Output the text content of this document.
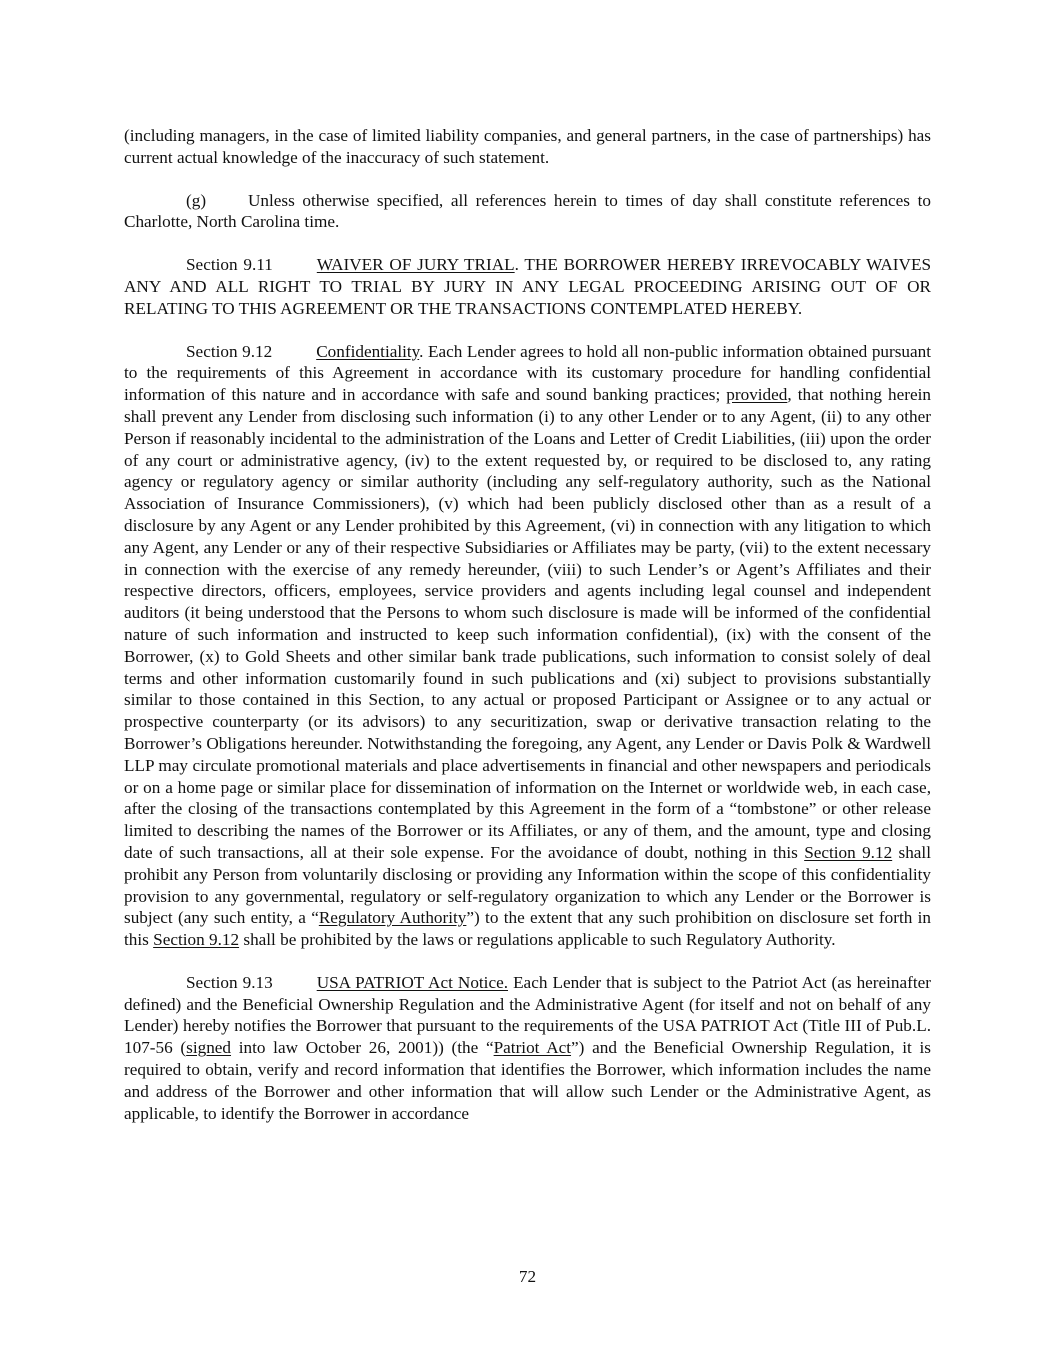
(including managers, in the case of limited liability companies, and general partners, in the case of partnerships) has current actual knowledge of the inaccuracy of such statement.

(g) Unless otherwise specified, all references herein to times of day shall constitute references to Charlotte, North Carolina time.

Section 9.11	WAIVER OF JURY TRIAL. THE BORROWER HEREBY IRREVOCABLY WAIVES ANY AND ALL RIGHT TO TRIAL BY JURY IN ANY LEGAL PROCEEDING ARISING OUT OF OR RELATING TO THIS AGREEMENT OR THE TRANSACTIONS CONTEMPLATED HEREBY.

Section 9.12	Confidentiality. Each Lender agrees to hold all non-public information obtained pursuant to the requirements of this Agreement in accordance with its customary procedure for handling confidential information of this nature and in accordance with safe and sound banking practices; provided, that nothing herein shall prevent any Lender from disclosing such information (i) to any other Lender or to any Agent, (ii) to any other Person if reasonably incidental to the administration of the Loans and Letter of Credit Liabilities, (iii) upon the order of any court or administrative agency, (iv) to the extent requested by, or required to be disclosed to, any rating agency or regulatory agency or similar authority (including any self-regulatory authority, such as the National Association of Insurance Commissioners), (v) which had been publicly disclosed other than as a result of a disclosure by any Agent or any Lender prohibited by this Agreement, (vi) in connection with any litigation to which any Agent, any Lender or any of their respective Subsidiaries or Affiliates may be party, (vii) to the extent necessary in connection with the exercise of any remedy hereunder, (viii) to such Lender’s or Agent’s Affiliates and their respective directors, officers, employees, service providers and agents including legal counsel and independent auditors (it being understood that the Persons to whom such disclosure is made will be informed of the confidential nature of such information and instructed to keep such information confidential), (ix) with the consent of the Borrower, (x) to Gold Sheets and other similar bank trade publications, such information to consist solely of deal terms and other information customarily found in such publications and (xi) subject to provisions substantially similar to those contained in this Section, to any actual or proposed Participant or Assignee or to any actual or prospective counterparty (or its advisors) to any securitization, swap or derivative transaction relating to the Borrower’s Obligations hereunder. Notwithstanding the foregoing, any Agent, any Lender or Davis Polk & Wardwell LLP may circulate promotional materials and place advertisements in financial and other newspapers and periodicals or on a home page or similar place for dissemination of information on the Internet or worldwide web, in each case, after the closing of the transactions contemplated by this Agreement in the form of a “tombstone” or other release limited to describing the names of the Borrower or its Affiliates, or any of them, and the amount, type and closing date of such transactions, all at their sole expense. For the avoidance of doubt, nothing in this Section 9.12 shall prohibit any Person from voluntarily disclosing or providing any Information within the scope of this confidentiality provision to any governmental, regulatory or self-regulatory organization to which any Lender or the Borrower is subject (any such entity, a “Regulatory Authority”) to the extent that any such prohibition on disclosure set forth in this Section 9.12 shall be prohibited by the laws or regulations applicable to such Regulatory Authority.

Section 9.13	USA PATRIOT Act Notice. Each Lender that is subject to the Patriot Act (as hereinafter defined) and the Beneficial Ownership Regulation and the Administrative Agent (for itself and not on behalf of any Lender) hereby notifies the Borrower that pursuant to the requirements of the USA PATRIOT Act (Title III of Pub.L. 107-56 (signed into law October 26, 2001)) (the “Patriot Act”) and the Beneficial Ownership Regulation, it is required to obtain, verify and record information that identifies the Borrower, which information includes the name and address of the Borrower and other information that will allow such Lender or the Administrative Agent, as applicable, to identify the Borrower in accordance

72
